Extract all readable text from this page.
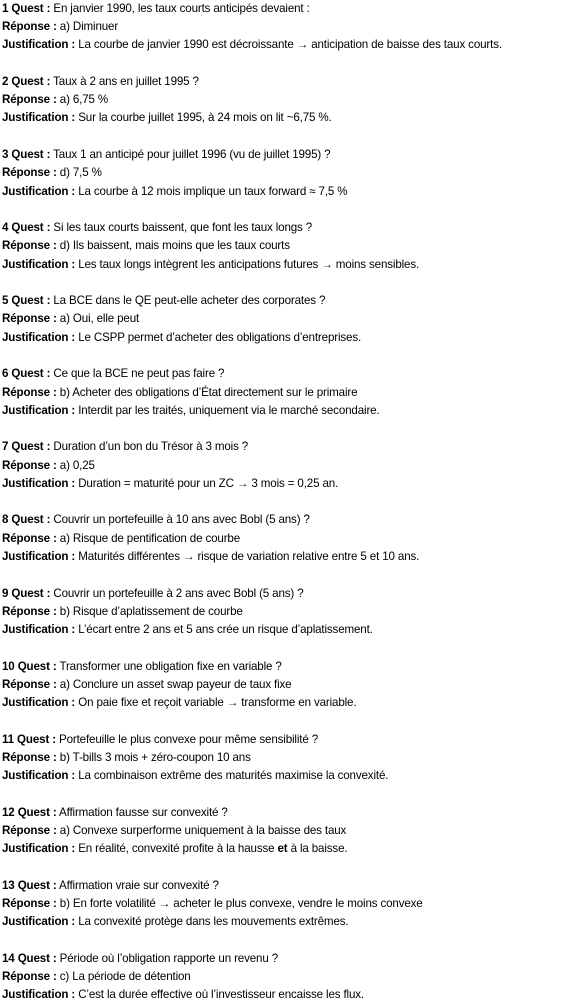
1 Quest : En janvier 1990, les taux courts anticipés devaient :
Réponse : a) Diminuer
Justification : La courbe de janvier 1990 est décroissante → anticipation de baisse des taux courts.
2 Quest : Taux à 2 ans en juillet 1995 ?
Réponse : a) 6,75 %
Justification : Sur la courbe juillet 1995, à 24 mois on lit ~6,75 %.
3 Quest : Taux 1 an anticipé pour juillet 1996 (vu de juillet 1995) ?
Réponse : d) 7,5 %
Justification : La courbe à 12 mois implique un taux forward ≈ 7,5 %
4 Quest : Si les taux courts baissent, que font les taux longs ?
Réponse : d) Ils baissent, mais moins que les taux courts
Justification : Les taux longs intègrent les anticipations futures → moins sensibles.
5 Quest : La BCE dans le QE peut-elle acheter des corporates ?
Réponse : a) Oui, elle peut
Justification : Le CSPP permet d’acheter des obligations d’entreprises.
6 Quest : Ce que la BCE ne peut pas faire ?
Réponse : b) Acheter des obligations d’État directement sur le primaire
Justification : Interdit par les traités, uniquement via le marché secondaire.
7 Quest : Duration d’un bon du Trésor à 3 mois ?
Réponse : a) 0,25
Justification : Duration = maturité pour un ZC → 3 mois = 0,25 an.
8 Quest : Couvrir un portefeuille à 10 ans avec Bobl (5 ans) ?
Réponse : a) Risque de pentification de courbe
Justification : Maturités différentes → risque de variation relative entre 5 et 10 ans.
9 Quest : Couvrir un portefeuille à 2 ans avec Bobl (5 ans) ?
Réponse : b) Risque d’aplatissement de courbe
Justification : L’écart entre 2 ans et 5 ans crée un risque d’aplatissement.
10 Quest : Transformer une obligation fixe en variable ?
Réponse : a) Conclure un asset swap payeur de taux fixe
Justification : On paie fixe et reçoit variable → transforme en variable.
11 Quest : Portefeuille le plus convexe pour même sensibilité ?
Réponse : b) T-bills 3 mois + zéro-coupon 10 ans
Justification : La combinaison extrême des maturités maximise la convexité.
12 Quest : Affirmation fausse sur convexité ?
Réponse : a) Convexe surperforme uniquement à la baisse des taux
Justification : En réalité, convexité profite à la hausse et à la baisse.
13 Quest : Affirmation vraie sur convexité ?
Réponse : b) En forte volatilité → acheter le plus convexe, vendre le moins convexe
Justification : La convexité protège dans les mouvements extrêmes.
14 Quest : Période où l’obligation rapporte un revenu ?
Réponse : c) La période de détention
Justification : C’est la durée effective où l’investisseur encaisse les flux.
